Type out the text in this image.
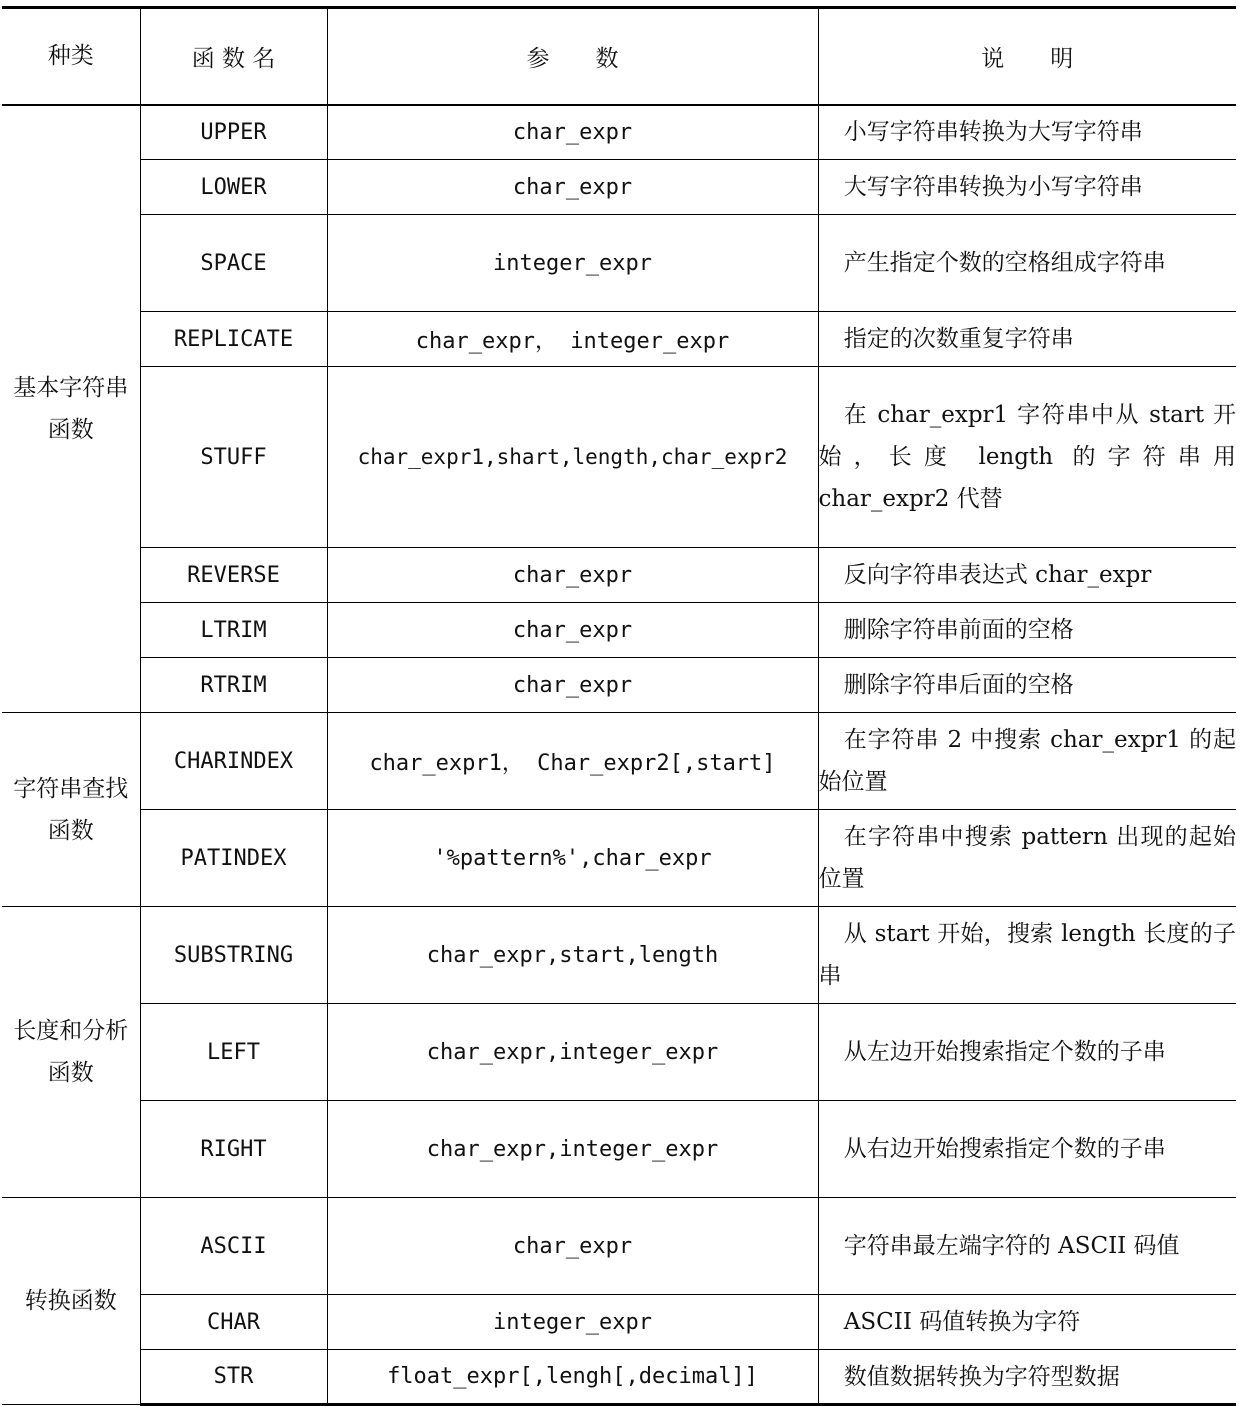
种类	函 数 名	参　　数	说　　明
基本字符串函数	UPPER	char_expr	小写字符串转换为大写字符串

	LOWER	char_expr	大写字符串转换为小写字符串

	SPACE	integer_expr	产生指定个数的空格组成字符串

	REPLICATE	char_expr， integer_expr	指定的次数重复字符串

	STUFF	char_expr1,shart,length,char_expr2	在 char_expr1 字符串中从 start 开始，长度 length 的字符串用 char_expr2 代替

	REVERSE	char_expr	反向字符串表达式 char_expr

	LTRIM	char_expr	删除字符串前面的空格

	RTRIM	char_expr	删除字符串后面的空格

字符串查找函数	CHARINDEX	char_expr1， Char_expr2[,start]	在字符串 2 中搜索 char_expr1 的起始位置

	PATINDEX	'%pattern%',char_expr	在字符串中搜索 pattern 出现的起始位置

长度和分析函数	SUBSTRING	char_expr,start,length	从 start 开始，搜索 length 长度的子串

	LEFT	char_expr,integer_expr	从左边开始搜索指定个数的子串

	RIGHT	char_expr,integer_expr	从右边开始搜索指定个数的子串

转换函数	ASCII	char_expr	字符串最左端字符的 ASCII 码值

	CHAR	integer_expr	ASCII 码值转换为字符

	STR	float_expr[,lengh[,decimal]]	数值数据转换为字符型数据
